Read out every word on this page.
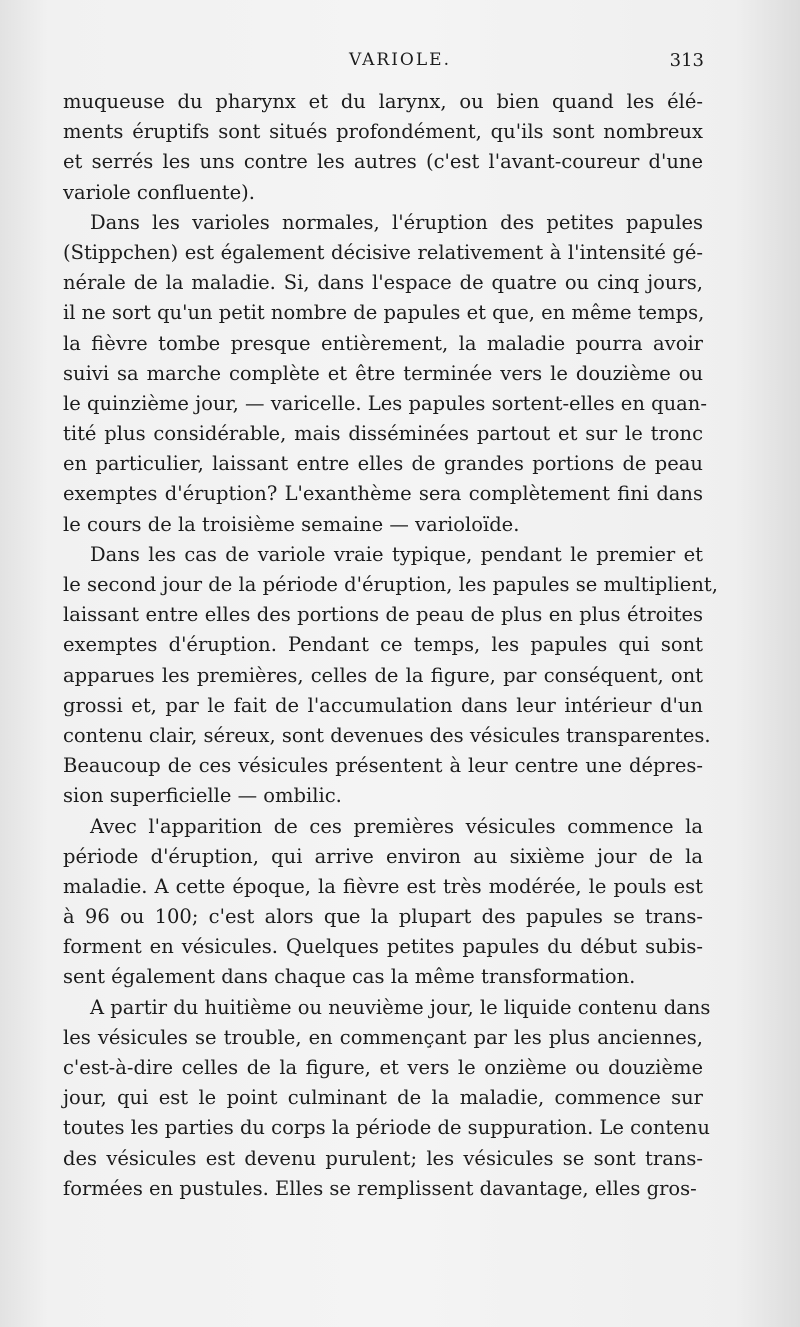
VARIOLE.	313
muqueuse du pharynx et du larynx, ou bien quand les élé-
ments éruptifs sont situés profondément, qu'ils sont nombreux
et serrés les uns contre les autres (c'est l'avant-coureur d'une
variole confluente).
Dans les varioles normales, l'éruption des petites papules
(Stippchen) est également décisive relativement à l'intensité gé-
nérale de la maladie. Si, dans l'espace de quatre ou cinq jours,
il ne sort qu'un petit nombre de papules et que, en même temps,
la fièvre tombe presque entièrement, la maladie pourra avoir
suivi sa marche complète et être terminée vers le douzième ou
le quinzième jour, — varicelle. Les papules sortent-elles en quan-
tité plus considérable, mais disséminées partout et sur le tronc
en particulier, laissant entre elles de grandes portions de peau
exemptes d'éruption? L'exanthème sera complètement fini dans
le cours de la troisième semaine — varioloïde.
Dans les cas de variole vraie typique, pendant le premier et
le second jour de la période d'éruption, les papules se multiplient,
laissant entre elles des portions de peau de plus en plus étroites
exemptes d'éruption. Pendant ce temps, les papules qui sont
apparues les premières, celles de la figure, par conséquent, ont
grossi et, par le fait de l'accumulation dans leur intérieur d'un
contenu clair, séreux, sont devenues des vésicules transparentes.
Beaucoup de ces vésicules présentent à leur centre une dépres-
sion superficielle — ombilic.
Avec l'apparition de ces premières vésicules commence la
période d'éruption, qui arrive environ au sixième jour de la
maladie. A cette époque, la fièvre est très modérée, le pouls est
à 96 ou 100; c'est alors que la plupart des papules se trans-
forment en vésicules. Quelques petites papules du début subis-
sent également dans chaque cas la même transformation.
A partir du huitième ou neuvième jour, le liquide contenu dans
les vésicules se trouble, en commençant par les plus anciennes,
c'est-à-dire celles de la figure, et vers le onzième ou douzième
jour, qui est le point culminant de la maladie, commence sur
toutes les parties du corps la période de suppuration. Le contenu
des vésicules est devenu purulent; les vésicules se sont trans-
formées en pustules. Elles se remplissent davantage, elles gros-
